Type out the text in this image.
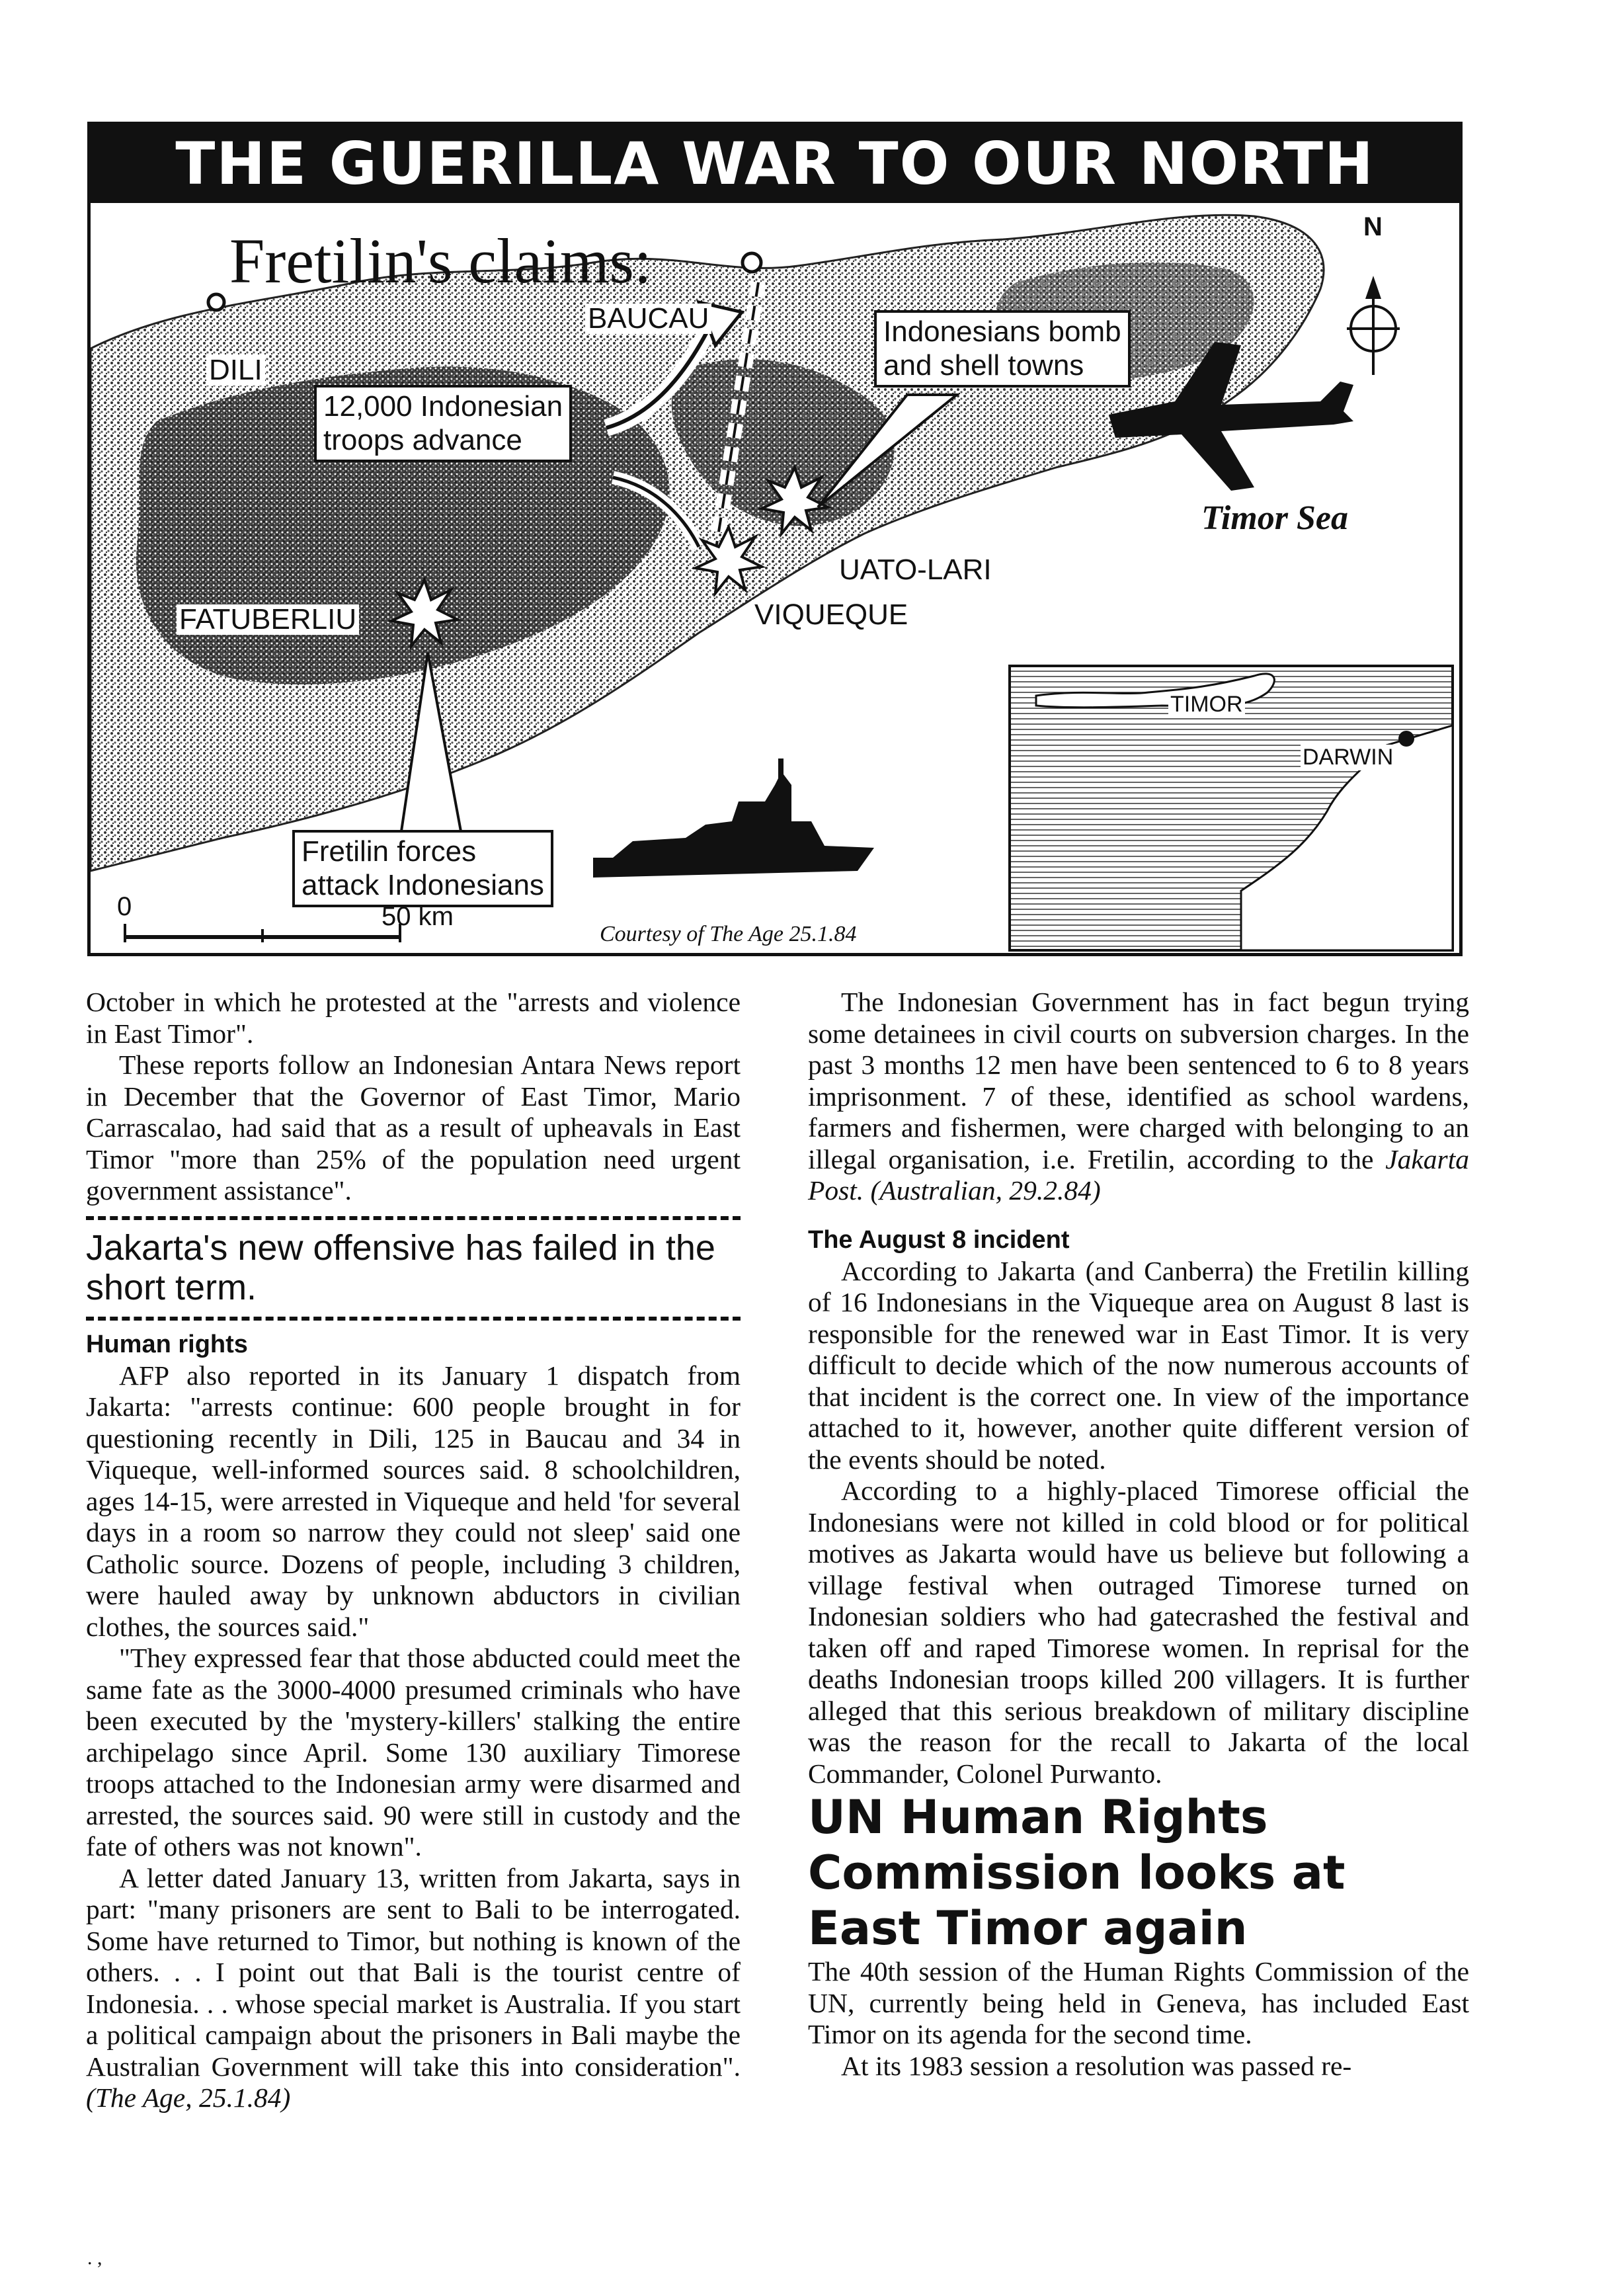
THE GUERILLA WAR TO OUR NORTH
Fretilin's claims:
DILI
BAUCAU
UATO-LARI
VIQUEQUE
FATUBERLIU
12,000 Indonesian
troops advance
Indonesians bomb
and shell towns
Fretilin forces
attack Indonesians
Timor Sea
N
0	50 km
Courtesy of The Age 25.1.84
TIMOR
DARWIN

October in which he protested at the "arrests and violence in East Timor".

These reports follow an Indonesian Antara News report in December that the Governor of East Timor, Mario Carrascalao, had said that as a result of upheavals in East Timor "more than 25% of the population need urgent government assistance".

Jakarta's new offensive has failed in the short term.

Human rights

AFP also reported in its January 1 dispatch from Jakarta: "arrests continue: 600 people brought in for questioning recently in Dili, 125 in Baucau and 34 in Viqueque, well-informed sources said. 8 schoolchildren, ages 14-15, were arrested in Viqueque and held 'for several days in a room so narrow they could not sleep' said one Catholic source. Dozens of people, including 3 children, were hauled away by unknown abductors in civilian clothes, the sources said."

"They expressed fear that those abducted could meet the same fate as the 3000-4000 presumed criminals who have been executed by the 'mystery-killers' stalking the entire archipelago since April. Some 130 auxiliary Timorese troops attached to the Indonesian army were disarmed and arrested, the sources said. 90 were still in custody and the fate of others was not known".

A letter dated January 13, written from Jakarta, says in part: "many prisoners are sent to Bali to be interrogated. Some have returned to Timor, but nothing is known of the others. . . I point out that Bali is the tourist centre of Indonesia. . . whose special market is Australia. If you start a political campaign about the prisoners in Bali maybe the Australian Government will take this into consideration". (The Age, 25.1.84)

The Indonesian Government has in fact begun trying some detainees in civil courts on subversion charges. In the past 3 months 12 men have been sentenced to 6 to 8 years imprisonment. 7 of these, identified as school wardens, farmers and fishermen, were charged with belonging to an illegal organisation, i.e. Fretilin, according to the Jakarta Post. (Australian, 29.2.84)

The August 8 incident

According to Jakarta (and Canberra) the Fretilin killing of 16 Indonesians in the Viqueque area on August 8 last is responsible for the renewed war in East Timor. It is very difficult to decide which of the now numerous accounts of that incident is the correct one. In view of the importance attached to it, however, another quite different version of the events should be noted.

According to a highly-placed Timorese official the Indonesians were not killed in cold blood or for political motives as Jakarta would have us believe but following a village festival when outraged Timorese turned on Indonesian soldiers who had gatecrashed the festival and taken off and raped Timorese women. In reprisal for the deaths Indonesian troops killed 200 villagers. It is further alleged that this serious breakdown of military discipline was the reason for the recall to Jakarta of the local Commander, Colonel Purwanto.

UN Human Rights Commission looks at East Timor again

The 40th session of the Human Rights Commission of the UN, currently being held in Geneva, has included East Timor on its agenda for the second time.

At its 1983 session a resolution was passed re-

. ,
